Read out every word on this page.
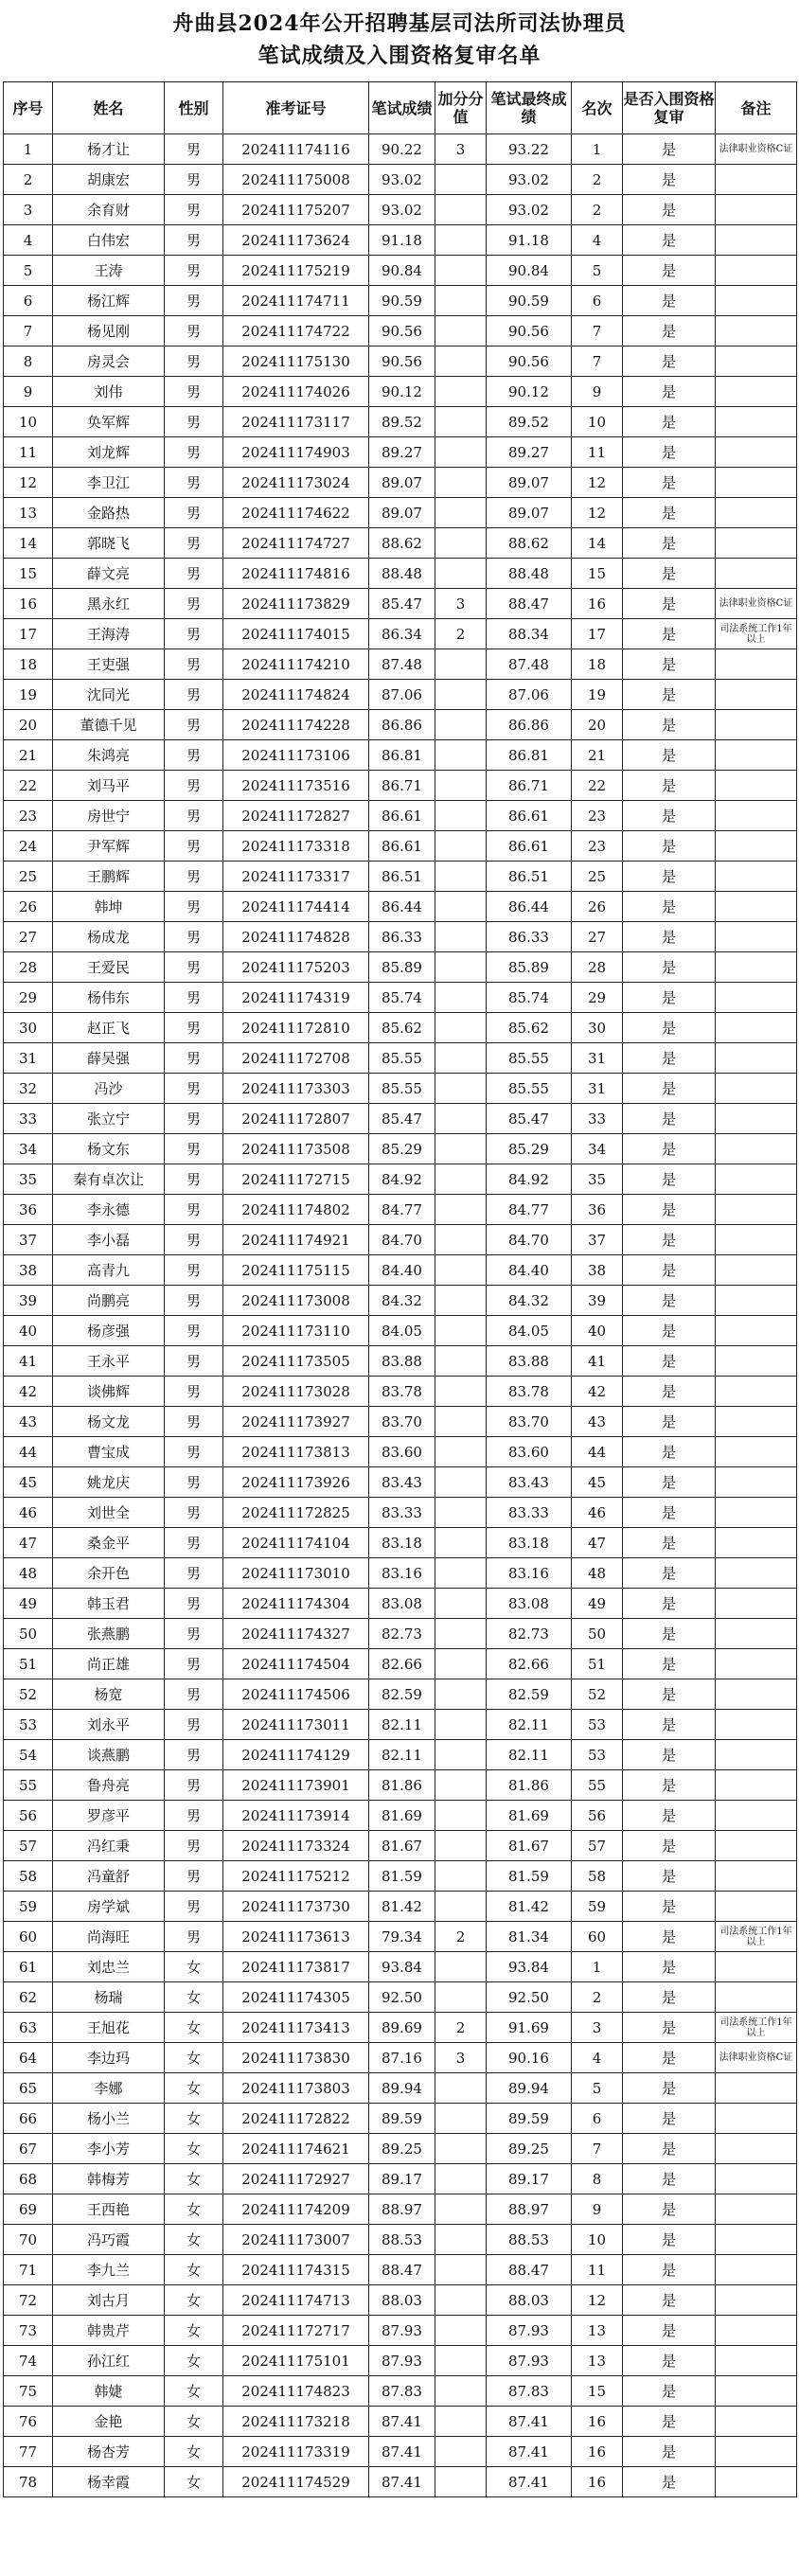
舟曲县2024年公开招聘基层司法所司法协理员
笔试成绩及入围资格复审名单
序号	姓名	性别	准考证号	笔试成绩	加分分值	笔试最终成绩	名次	是否入围资格复审	备注
1	杨才让	男	202411174116	90.22	3	93.22	1	是	法律职业资格C证
2	胡康宏	男	202411175008	93.02		93.02	2	是	
3	余育财	男	202411175207	93.02		93.02	2	是	
4	白伟宏	男	202411173624	91.18		91.18	4	是	
5	王涛	男	202411175219	90.84		90.84	5	是	
6	杨江辉	男	202411174711	90.59		90.59	6	是	
7	杨见刚	男	202411174722	90.56		90.56	7	是	
8	房灵会	男	202411175130	90.56		90.56	7	是	
9	刘伟	男	202411174026	90.12		90.12	9	是	
10	奂军辉	男	202411173117	89.52		89.52	10	是	
11	刘龙辉	男	202411174903	89.27		89.27	11	是	
12	李卫江	男	202411173024	89.07		89.07	12	是	
13	金路热	男	202411174622	89.07		89.07	12	是	
14	郭晓飞	男	202411174727	88.62		88.62	14	是	
15	薛文亮	男	202411174816	88.48		88.48	15	是	
16	黑永红	男	202411173829	85.47	3	88.47	16	是	法律职业资格C证
17	王海涛	男	202411174015	86.34	2	88.34	17	是	司法系统工作1年以上
18	王吏强	男	202411174210	87.48		87.48	18	是	
19	沈同光	男	202411174824	87.06		87.06	19	是	
20	董德千见	男	202411174228	86.86		86.86	20	是	
21	朱鸿亮	男	202411173106	86.81		86.81	21	是	
22	刘马平	男	202411173516	86.71		86.71	22	是	
23	房世宁	男	202411172827	86.61		86.61	23	是	
24	尹军辉	男	202411173318	86.61		86.61	23	是	
25	王鹏辉	男	202411173317	86.51		86.51	25	是	
26	韩坤	男	202411174414	86.44		86.44	26	是	
27	杨成龙	男	202411174828	86.33		86.33	27	是	
28	王爱民	男	202411175203	85.89		85.89	28	是	
29	杨伟东	男	202411174319	85.74		85.74	29	是	
30	赵正飞	男	202411172810	85.62		85.62	30	是	
31	薛吴强	男	202411172708	85.55		85.55	31	是	
32	冯沙	男	202411173303	85.55		85.55	31	是	
33	张立宁	男	202411172807	85.47		85.47	33	是	
34	杨文东	男	202411173508	85.29		85.29	34	是	
35	秦有卓次让	男	202411172715	84.92		84.92	35	是	
36	李永德	男	202411174802	84.77		84.77	36	是	
37	李小磊	男	202411174921	84.70		84.70	37	是	
38	高青九	男	202411175115	84.40		84.40	38	是	
39	尚鹏亮	男	202411173008	84.32		84.32	39	是	
40	杨彦强	男	202411173110	84.05		84.05	40	是	
41	王永平	男	202411173505	83.88		83.88	41	是	
42	谈佛辉	男	202411173028	83.78		83.78	42	是	
43	杨文龙	男	202411173927	83.70		83.70	43	是	
44	曹宝成	男	202411173813	83.60		83.60	44	是	
45	姚龙庆	男	202411173926	83.43		83.43	45	是	
46	刘世全	男	202411172825	83.33		83.33	46	是	
47	桑金平	男	202411174104	83.18		83.18	47	是	
48	余开色	男	202411173010	83.16		83.16	48	是	
49	韩玉君	男	202411174304	83.08		83.08	49	是	
50	张燕鹏	男	202411174327	82.73		82.73	50	是	
51	尚正雄	男	202411174504	82.66		82.66	51	是	
52	杨宽	男	202411174506	82.59		82.59	52	是	
53	刘永平	男	202411173011	82.11		82.11	53	是	
54	谈燕鹏	男	202411174129	82.11		82.11	53	是	
55	鲁舟亮	男	202411173901	81.86		81.86	55	是	
56	罗彦平	男	202411173914	81.69		81.69	56	是	
57	冯红秉	男	202411173324	81.67		81.67	57	是	
58	冯童舒	男	202411175212	81.59		81.59	58	是	
59	房学斌	男	202411173730	81.42		81.42	59	是	
60	尚海旺	男	202411173613	79.34	2	81.34	60	是	司法系统工作1年以上
61	刘忠兰	女	202411173817	93.84		93.84	1	是	
62	杨瑞	女	202411174305	92.50		92.50	2	是	
63	王旭花	女	202411173413	89.69	2	91.69	3	是	司法系统工作1年以上
64	李边玛	女	202411173830	87.16	3	90.16	4	是	法律职业资格C证
65	李娜	女	202411173803	89.94		89.94	5	是	
66	杨小兰	女	202411172822	89.59		89.59	6	是	
67	李小芳	女	202411174621	89.25		89.25	7	是	
68	韩梅芳	女	202411172927	89.17		89.17	8	是	
69	王西艳	女	202411174209	88.97		88.97	9	是	
70	冯巧霞	女	202411173007	88.53		88.53	10	是	
71	李九兰	女	202411174315	88.47		88.47	11	是	
72	刘古月	女	202411174713	88.03		88.03	12	是	
73	韩贵芹	女	202411172717	87.93		87.93	13	是	
74	孙江红	女	202411175101	87.93		87.93	13	是	
75	韩婕	女	202411174823	87.83		87.83	15	是	
76	金艳	女	202411173218	87.41		87.41	16	是	
77	杨杏芳	女	202411173319	87.41		87.41	16	是	
78	杨幸霞	女	202411174529	87.41		87.41	16	是	
